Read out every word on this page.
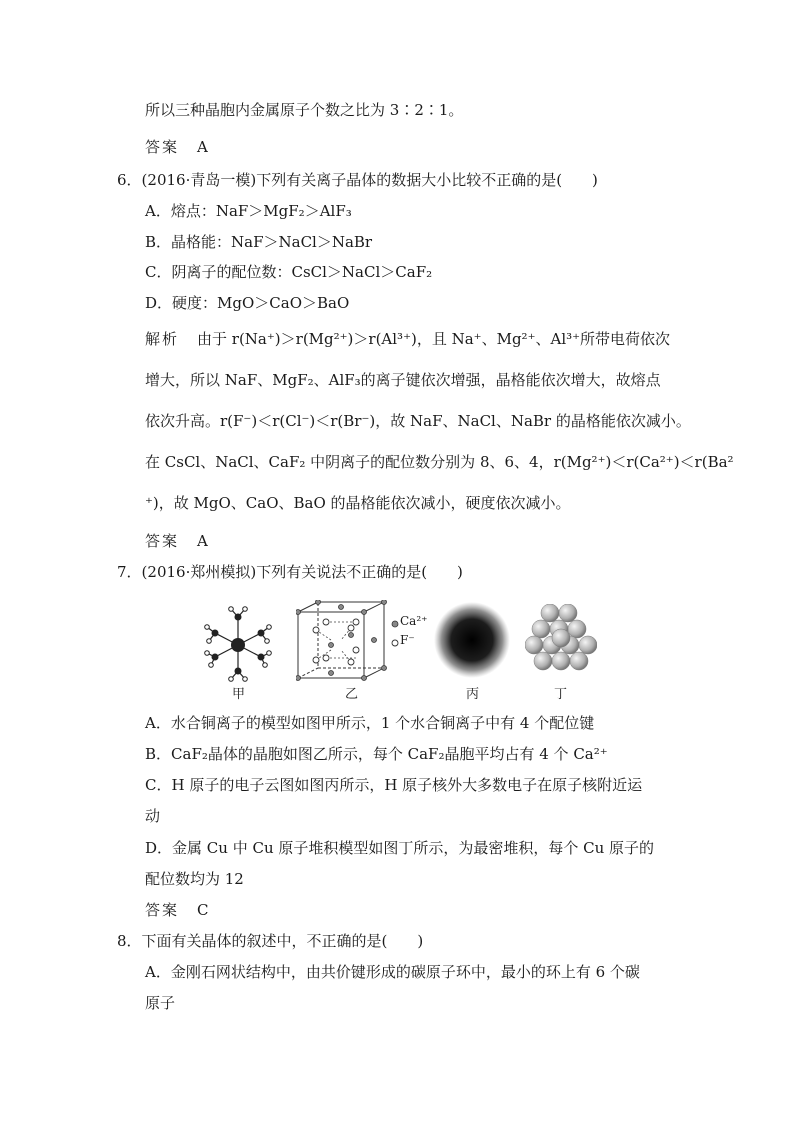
所以三种晶胞内金属原子个数之比为 3∶2∶1。
答案 A
6．(2016·青岛一模)下列有关离子晶体的数据大小比较不正确的是(　　)
A．熔点：NaF＞MgF₂＞AlF₃
B．晶格能：NaF＞NaCl＞NaBr
C．阴离子的配位数：CsCl＞NaCl＞CaF₂
D．硬度：MgO＞CaO＞BaO
解析 由于 r(Na⁺)＞r(Mg²⁺)＞r(Al³⁺)，且 Na⁺、Mg²⁺、Al³⁺所带电荷依次
增大，所以 NaF、MgF₂、AlF₃的离子键依次增强，晶格能依次增大，故熔点
依次升高。r(F⁻)＜r(Cl⁻)＜r(Br⁻)，故 NaF、NaCl、NaBr 的晶格能依次减小。
在 CsCl、NaCl、CaF₂ 中阴离子的配位数分别为 8、6、4，r(Mg²⁺)＜r(Ca²⁺)＜r(Ba²
⁺)，故 MgO、CaO、BaO 的晶格能依次减小，硬度依次减小。
答案 A
7．(2016·郑州模拟)下列有关说法不正确的是(　　)
甲
Ca²⁺
F⁻
乙	丙	丁
A．水合铜离子的模型如图甲所示，1 个水合铜离子中有 4 个配位键
B．CaF₂晶体的晶胞如图乙所示，每个 CaF₂晶胞平均占有 4 个 Ca²⁺
C．H 原子的电子云图如图丙所示，H 原子核外大多数电子在原子核附近运
动
D．金属 Cu 中 Cu 原子堆积模型如图丁所示，为最密堆积，每个 Cu 原子的
配位数均为 12
答案 C
8．下面有关晶体的叙述中，不正确的是(　　)
A．金刚石网状结构中，由共价键形成的碳原子环中，最小的环上有 6 个碳
原子
